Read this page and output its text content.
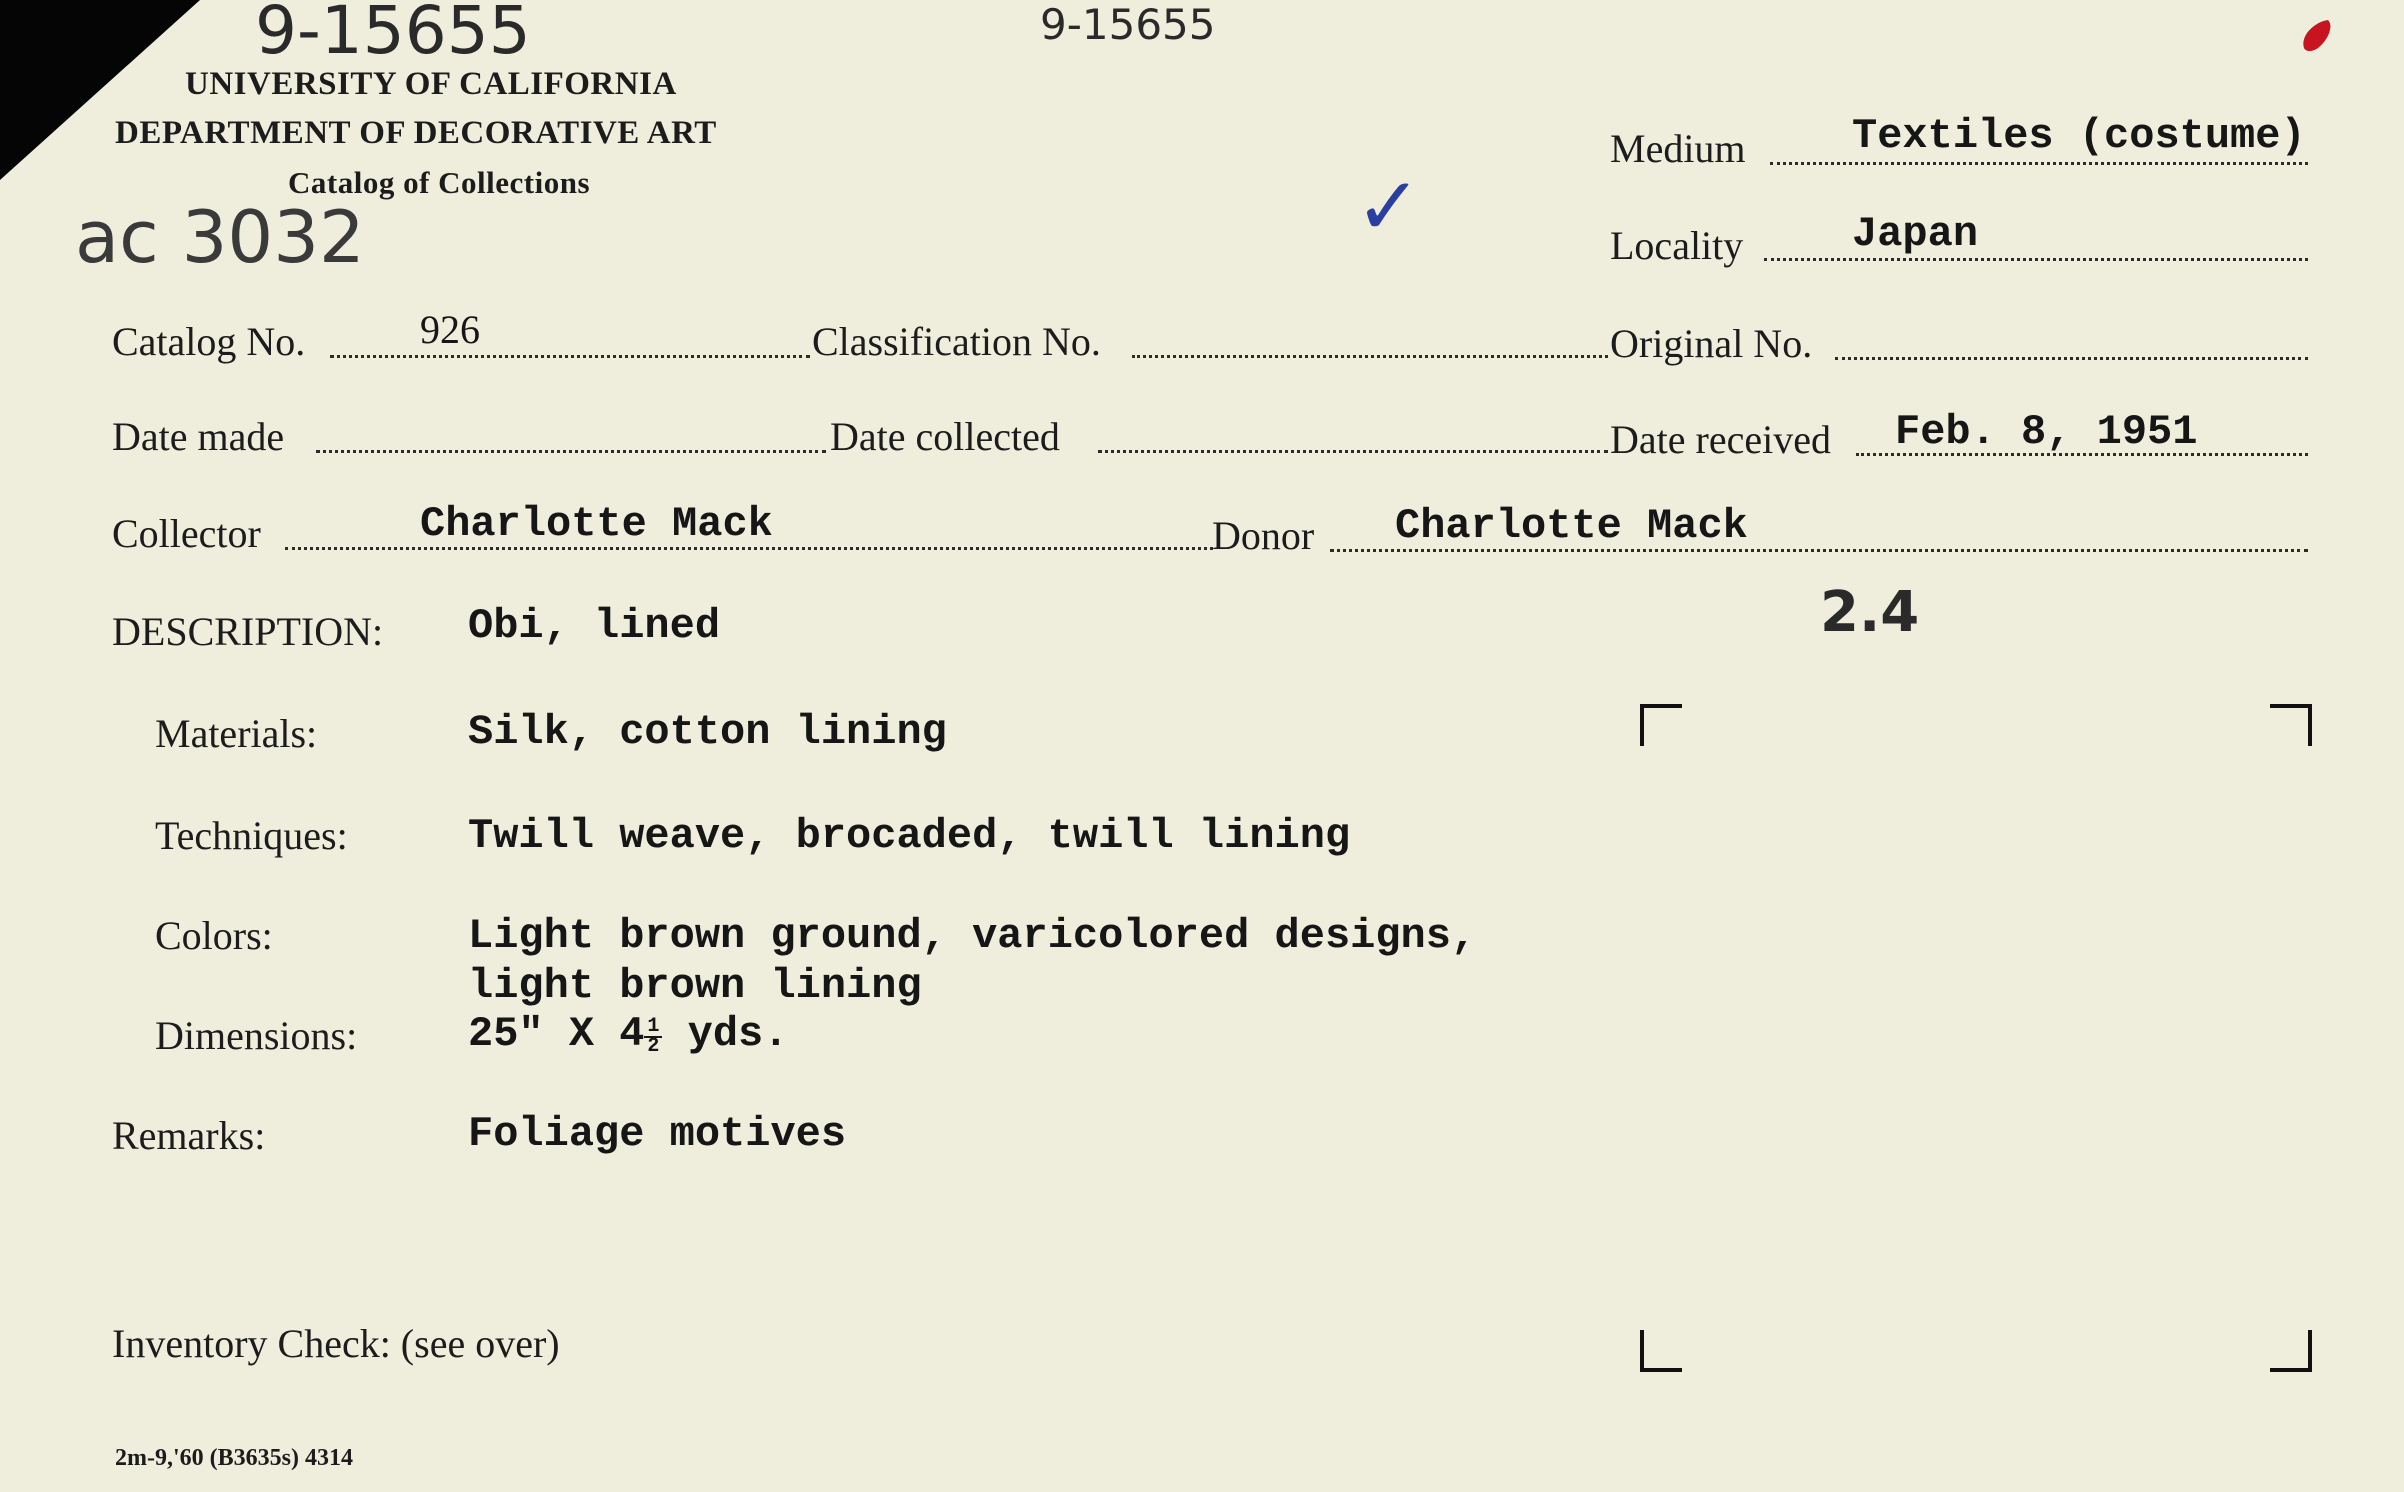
9-15655	9-15655
ac 3032	✓
2.4
UNIVERSITY OF CALIFORNIA
DEPARTMENT OF DECORATIVE ART
Catalog of Collections
Medium	Textiles (costume)
Locality	Japan
Catalog No.	926	Classification No.	Original No.
Date made	Date collected	Date received Feb. 8, 1951
Collector	Charlotte Mack	Donor Charlotte Mack
DESCRIPTION: Obi, lined
Materials:	Silk, cotton lining
Techniques:	Twill weave, brocaded, twill lining
Colors:	Light brown ground, varicolored designs,
light brown lining
Dimensions:	25" X $4 \frac{1}{2}$ yds.
Remarks:	Foliage motives
Inventory Check: (see over)
2m-9,'60 (B3635s) 4314
